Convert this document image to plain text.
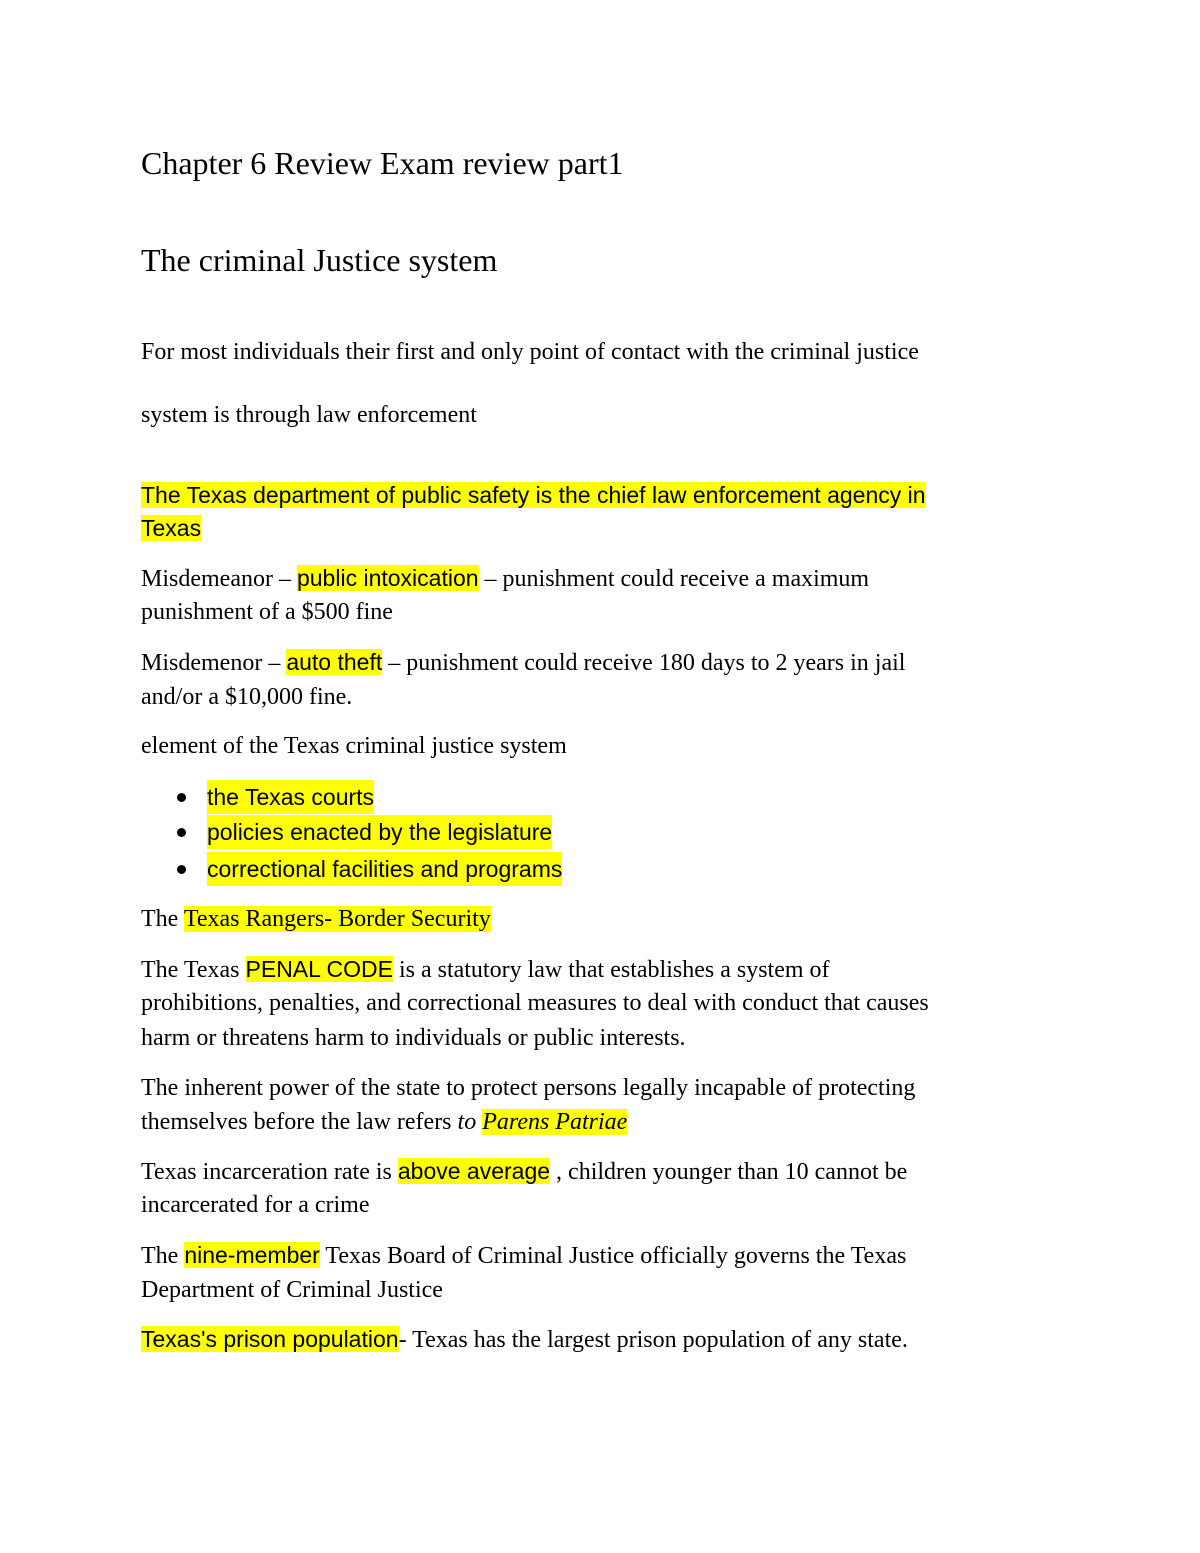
Chapter 6 Review Exam review part1
The criminal Justice system
For most individuals their first and only point of contact with the criminal justice
system is through law enforcement
The Texas department of public safety is the chief law enforcement agency in
Texas
Misdemeanor – public intoxication – punishment could receive a maximum
punishment of a $500 fine
Misdemenor – auto theft – punishment could receive 180 days to 2 years in jail
and/or a $10,000 fine.
element of the Texas criminal justice system
the Texas courts
policies enacted by the legislature
correctional facilities and programs
The Texas Rangers- Border Security
The Texas PENAL CODE is a statutory law that establishes a system of
prohibitions, penalties, and correctional measures to deal with conduct that causes
harm or threatens harm to individuals or public interests.
The inherent power of the state to protect persons legally incapable of protecting
themselves before the law refers to Parens Patriae
Texas incarceration rate is above average , children younger than 10 cannot be
incarcerated for a crime
The nine-member Texas Board of Criminal Justice officially governs the Texas
Department of Criminal Justice
Texas's prison population- Texas has the largest prison population of any state.
